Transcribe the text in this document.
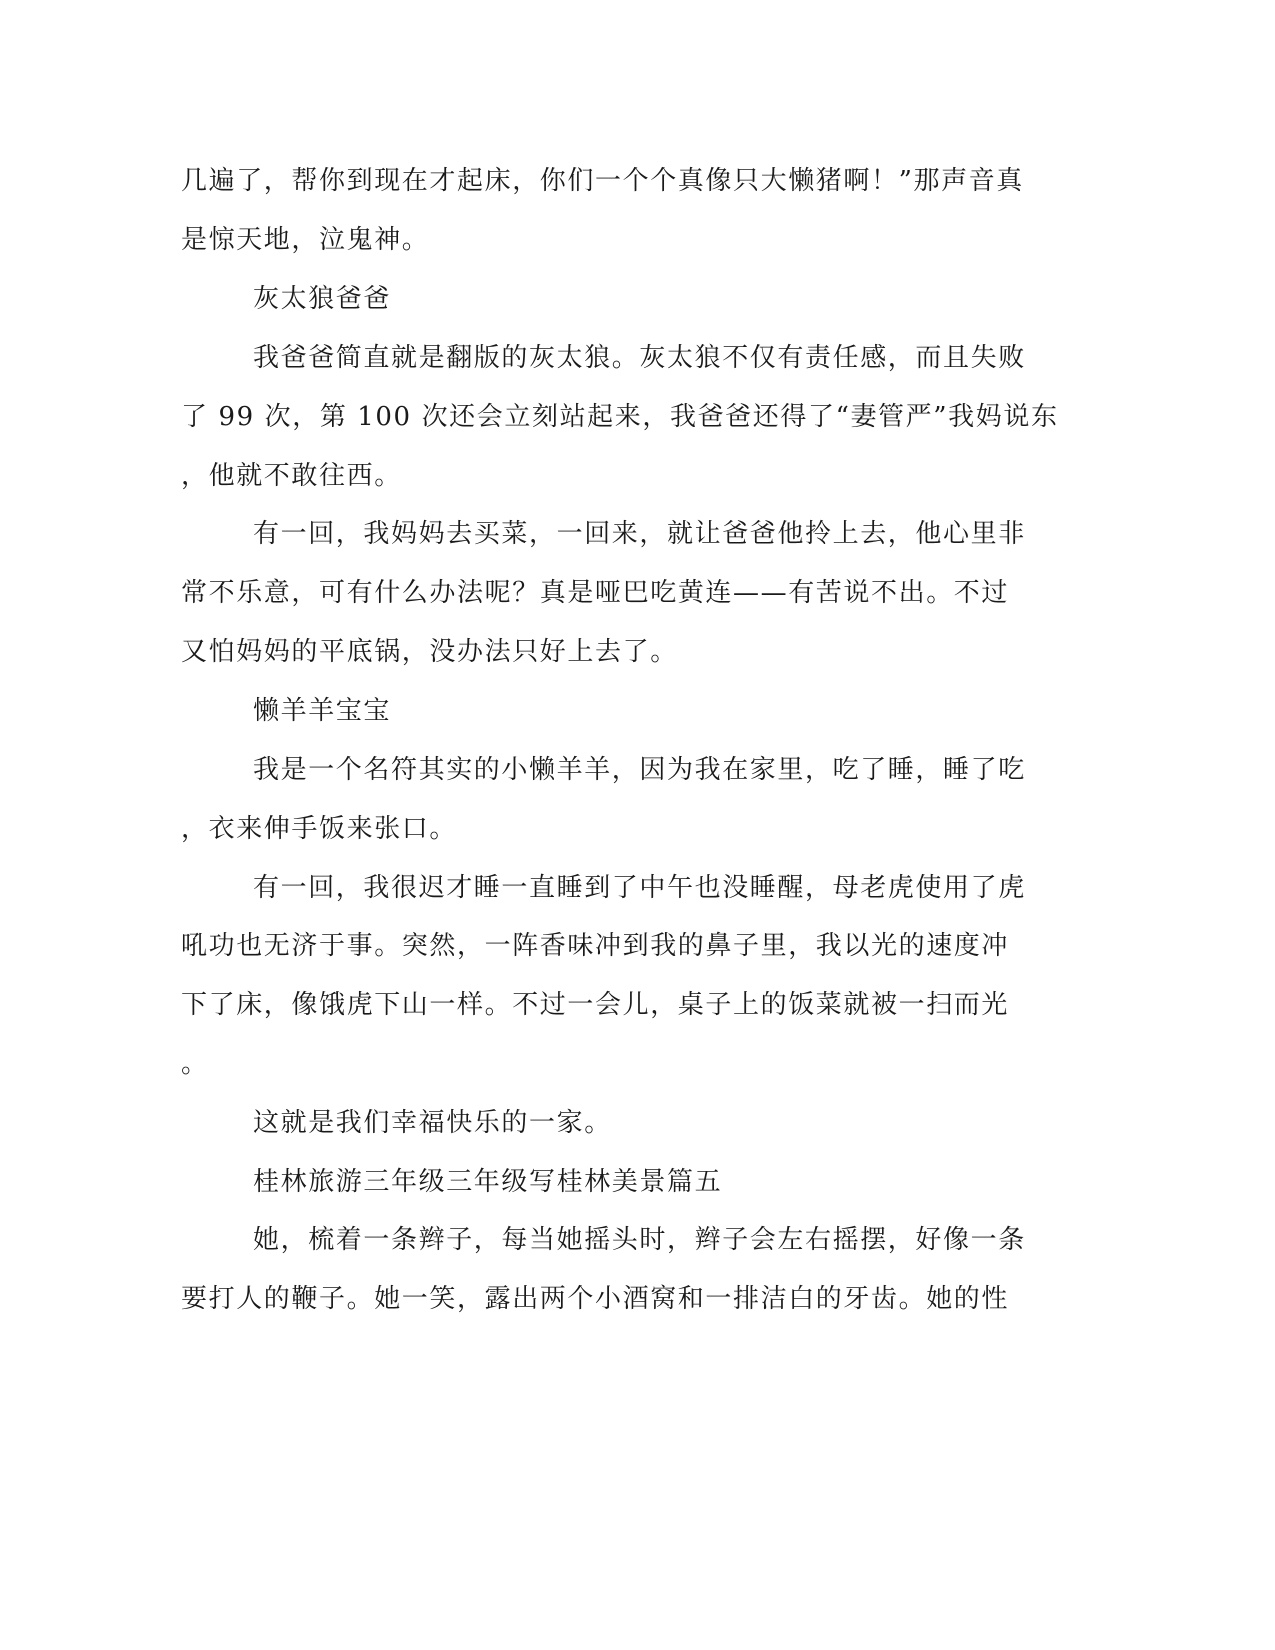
几遍了，帮你到现在才起床，你们一个个真像只大懒猪啊！”那声音真
是惊天地，泣鬼神。
灰太狼爸爸
我爸爸简直就是翻版的灰太狼。灰太狼不仅有责任感，而且失败
了 99 次，第 100 次还会立刻站起来，我爸爸还得了“妻管严”我妈说东
，他就不敢往西。
有一回，我妈妈去买菜，一回来，就让爸爸他拎上去，他心里非
常不乐意，可有什么办法呢？真是哑巴吃黄连——有苦说不出。不过
又怕妈妈的平底锅，没办法只好上去了。
懒羊羊宝宝
我是一个名符其实的小懒羊羊，因为我在家里，吃了睡，睡了吃
，衣来伸手饭来张口。
有一回，我很迟才睡一直睡到了中午也没睡醒，母老虎使用了虎
吼功也无济于事。突然，一阵香味冲到我的鼻子里，我以光的速度冲
下了床，像饿虎下山一样。不过一会儿，桌子上的饭菜就被一扫而光
。
这就是我们幸福快乐的一家。
桂林旅游三年级三年级写桂林美景篇五
她，梳着一条辫子，每当她摇头时，辫子会左右摇摆，好像一条
要打人的鞭子。她一笑，露出两个小酒窝和一排洁白的牙齿。她的性
